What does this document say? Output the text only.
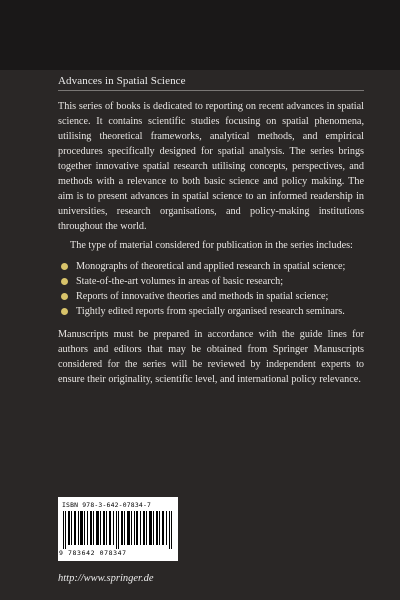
Advances in Spatial Science

This series of books is dedicated to reporting on recent advances in spatial science. It contains scientific studies focusing on spatial phenomena, utilising theoretical frameworks, analytical methods, and empirical procedures specifically designed for spatial analysis. The series brings together innovative spatial research utilising concepts, perspectives, and methods with a relevance to both basic science and policy making. The aim is to present advances in spatial science to an informed readership in universities, research organisations, and policy-making institutions throughout the world.

The type of material considered for publication in the series includes:

Monographs of theoretical and applied research in spatial science;
State-of-the-art volumes in areas of basic research;
Reports of innovative theories and methods in spatial science;
Tightly edited reports from specially organised research seminars.

Manuscripts must be prepared in accordance with the guide lines for authors and editors that may be obtained from Springer Manuscripts considered for the series will be reviewed by independent experts to ensure their originality, scientific level, and international policy relevance.

ISBN 978-3-642-07834-7
9 783642 078347
http://www.springer.de
